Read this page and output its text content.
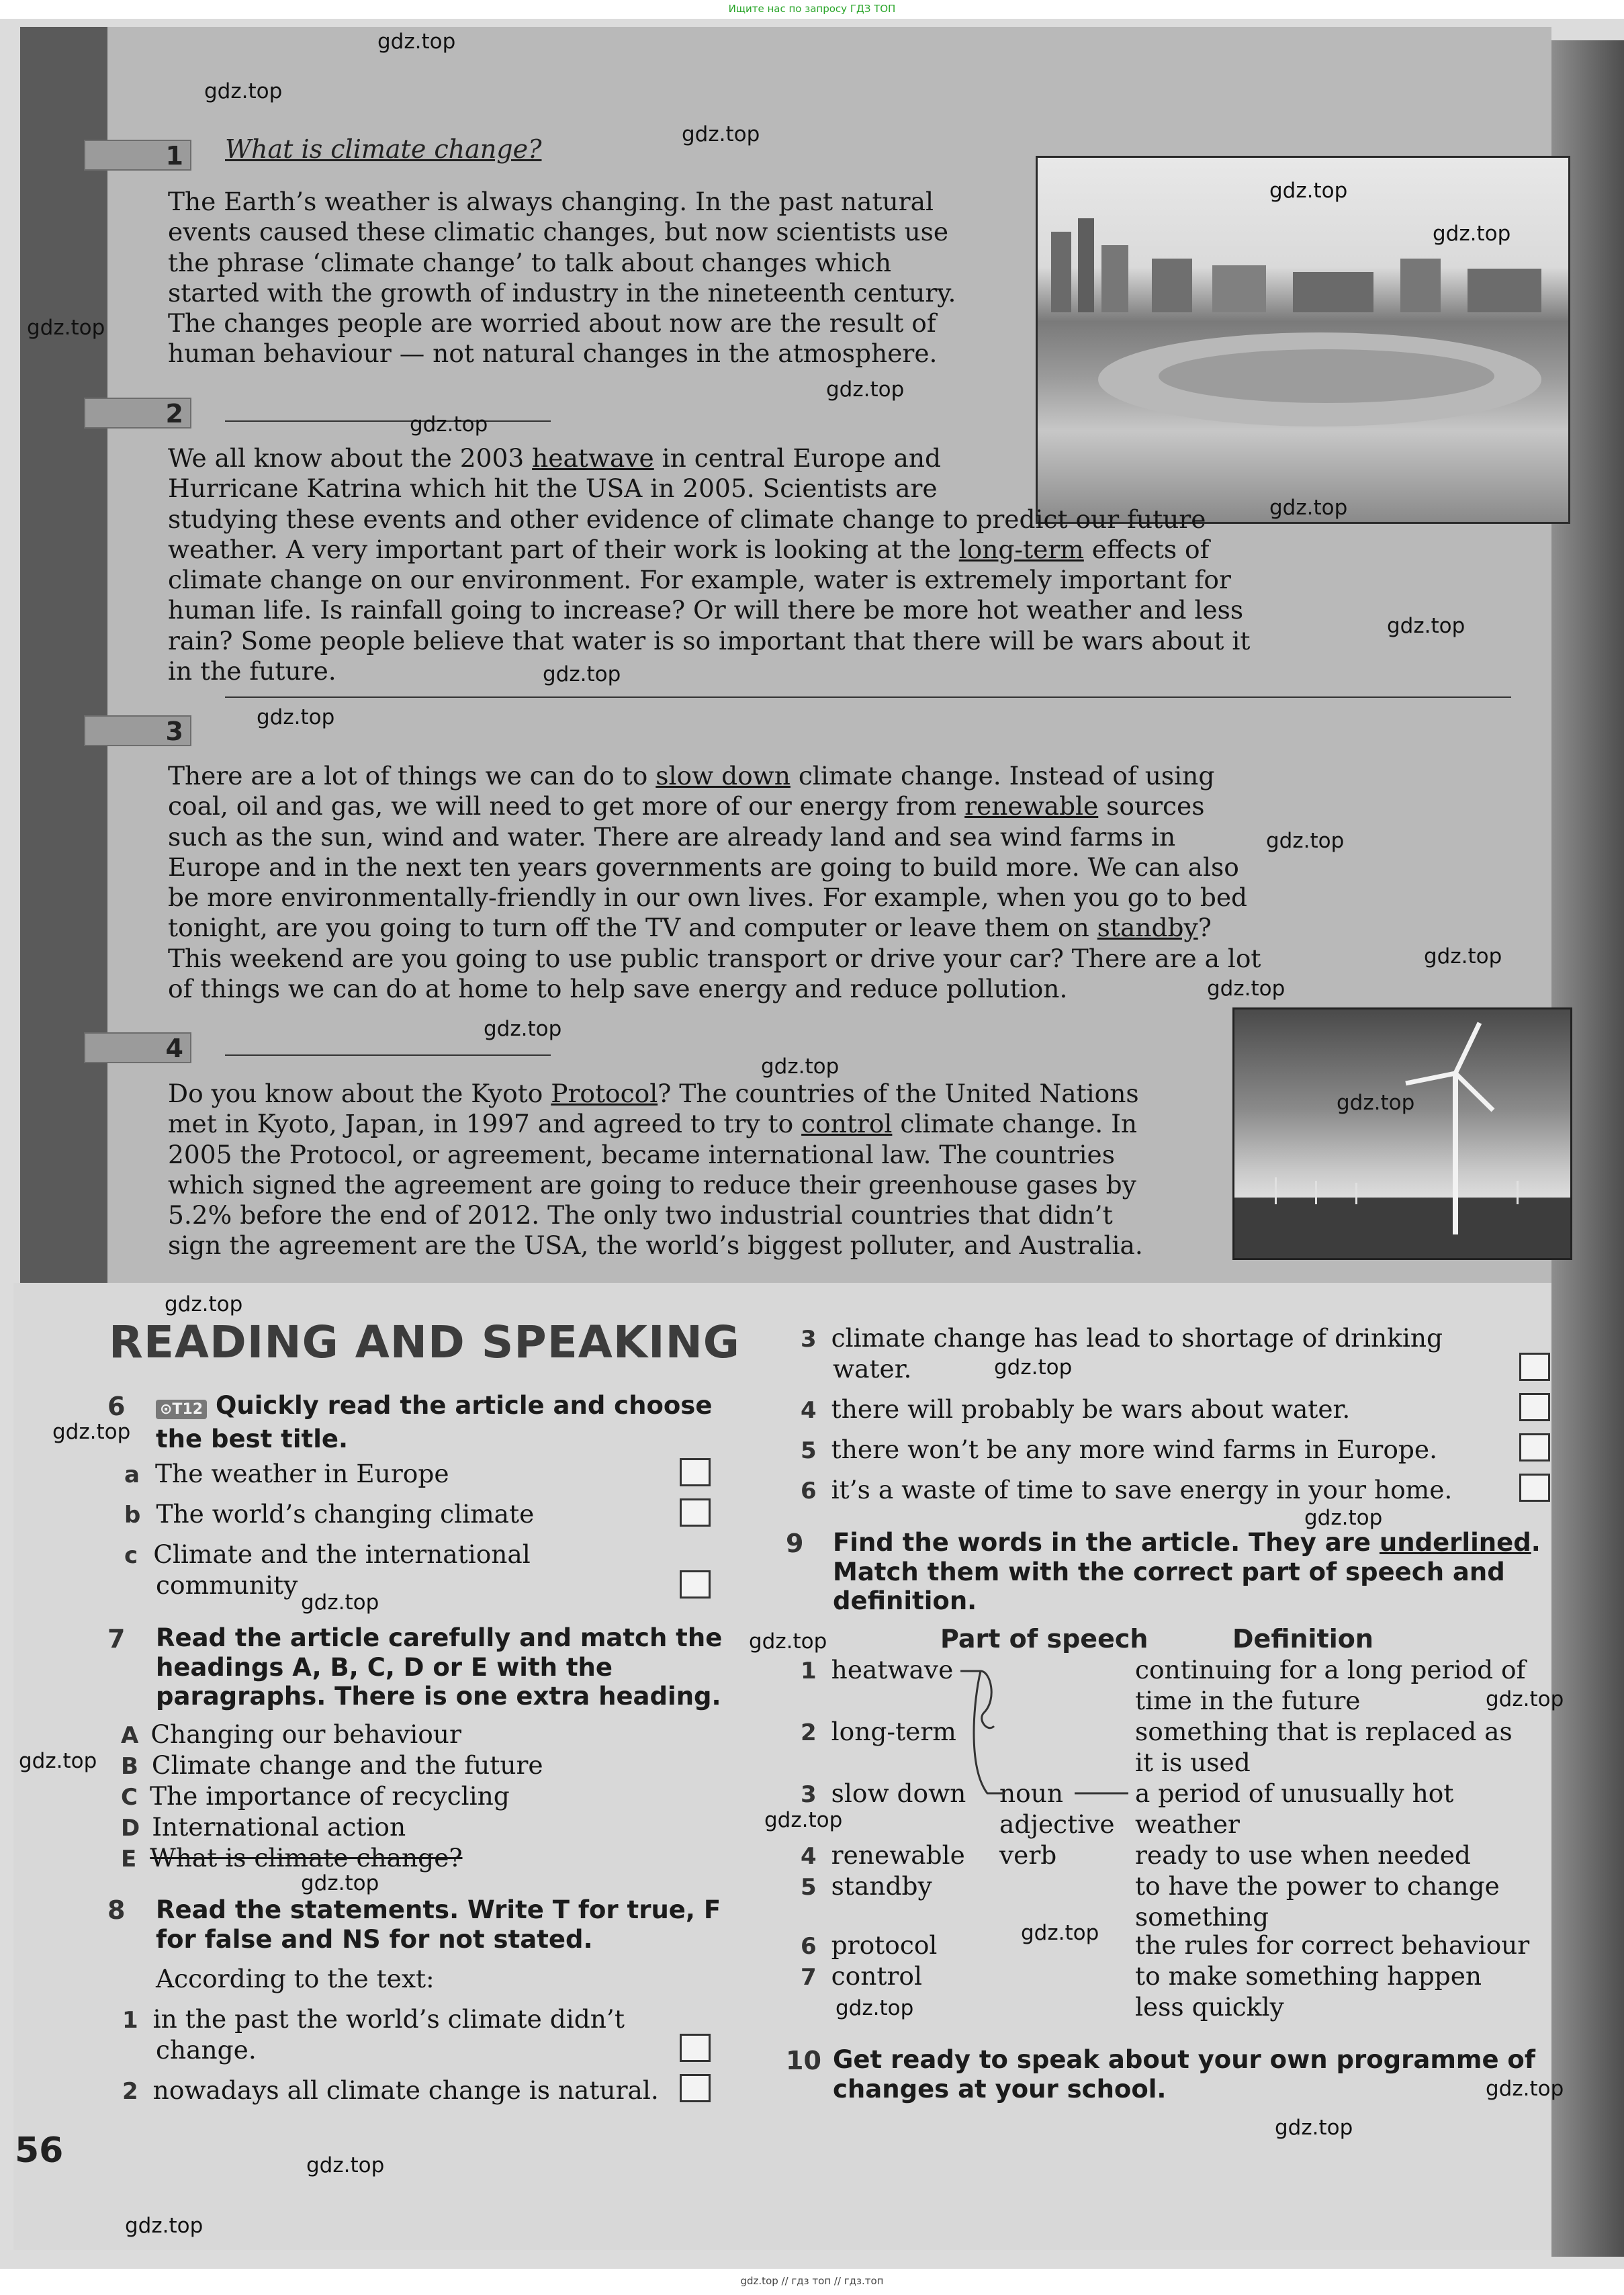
Ищите нас по запросу ГДЗ ТОП
1	What is climate change?

The Earth’s weather is always changing. In the past natural

events caused these climatic changes, but now scientists use

the phrase ‘climate change’ to talk about changes which

started with the growth of industry in the nineteenth century.

The changes people are worried about now are the result of

human behaviour — not natural changes in the atmosphere.

2

We all know about the 2003 heatwave in central Europe and

Hurricane Katrina which hit the USA in 2005. Scientists are

studying these events and other evidence of climate change to predict our future

weather. A very important part of their work is looking at the long-term effects of

climate change on our environment. For example, water is extremely important for

human life. Is rainfall going to increase? Or will there be more hot weather and less

rain? Some people believe that water is so important that there will be wars about it

in the future.

3

There are a lot of things we can do to slow down climate change. Instead of using

coal, oil and gas, we will need to get more of our energy from renewable sources

such as the sun, wind and water. There are already land and sea wind farms in

Europe and in the next ten years governments are going to build more. We can also

be more environmentally-friendly in our own lives. For example, when you go to bed

tonight, are you going to turn off the TV and computer or leave them on standby?

This weekend are you going to use public transport or drive your car? There are a lot

of things we can do at home to help save energy and reduce pollution.

4

Do you know about the Kyoto Protocol? The countries of the United Nations

met in Kyoto, Japan, in 1997 and agreed to try to control climate change. In

2005 the Protocol, or agreement, became international law. The countries

which signed the agreement are going to reduce their greenhouse gases by

5.2% before the end of 2012. The only two industrial countries that didn’t

sign the agreement are the USA, the world’s biggest polluter, and Australia.

READING AND SPEAKING
6 ⊙T12 Quickly read the article and choose
the best title.
a The weather in Europe
b The world’s changing climate
c Climate and the international
community
7 Read the article carefully and match the
headings A, B, C, D or E with the
paragraphs. There is one extra heading.
A Changing our behaviour
B Climate change and the future
C The importance of recycling
D International action
E What is climate change?
8 Read the statements. Write T for true, F
for false and NS for not stated.
According to the text:
1 in the past the world’s climate didn’t
change.
2 nowadays all climate change is natural.
3 climate change has lead to shortage of drinking
water.
4 there will probably be wars about water.
5 there won’t be any more wind farms in Europe.
6 it’s a waste of time to save energy in your home.
9 Find the words in the article. They are underlined.
Match them with the correct part of speech and
definition.
Part of speech	Definition
1 heatwave
2 long-term
3 slow down
4 renewable
5 standby
6 protocol
7 control
noun
adjective
verb
continuing for a long period of
time in the future
something that is replaced as
it is used
a period of unusually hot
weather
ready to use when needed
to have the power to change
something
the rules for correct behaviour
to make something happen
less quickly
10 Get ready to speak about your own programme of
changes at your school.
56
gdz.top
gdz.top
gdz.top
gdz.top
gdz.top
gdz.top
gdz.top
gdz.top
gdz.top
gdz.top
gdz.top
gdz.top
gdz.top
gdz.top
gdz.top
gdz.top
gdz.top
gdz.top
gdz.top
gdz.top
gdz.top
gdz.top
gdz.top
gdz.top
gdz.top
gdz.top
gdz.top
gdz.top
gdz.top
gdz.top
gdz.top
gdz.top
gdz.top
gdz.top
gdz.top // гдз топ // гдз.топ
